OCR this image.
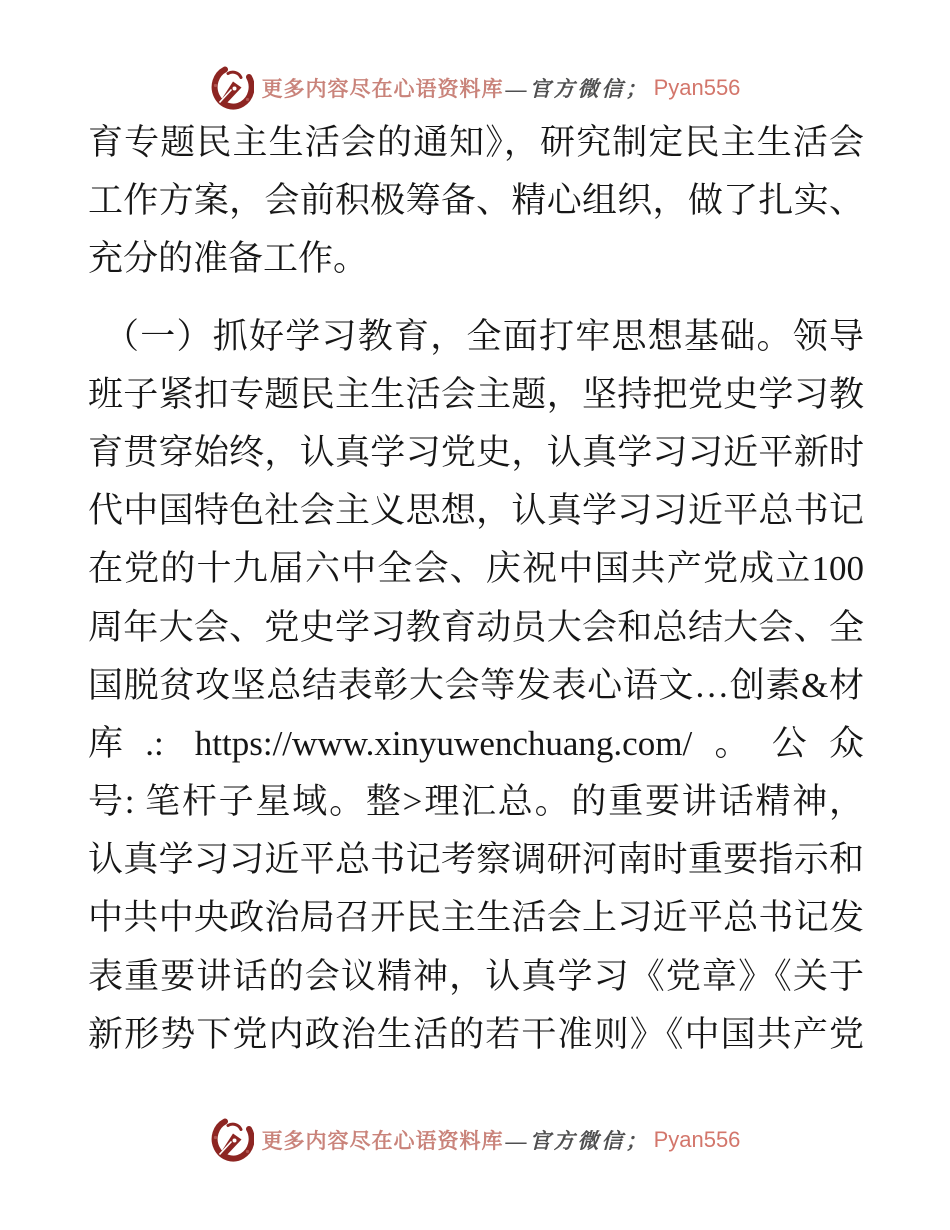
更多内容尽在心语资料库 —官方微信； Pyan556
育专题民主生活会的通知》，研究制定民主生活会
工作方案，会前积极筹备、精心组织，做了扎实、
充分的准备工作。
（一）抓好学习教育，全面打牢思想基础。领导
班子紧扣专题民主生活会主题，坚持把党史学习教
育贯穿始终，认真学习党史，认真学习习近平新时
代中国特色社会主义思想，认真学习习近平总书记
在党的十九届六中全会、庆祝中国共产党成立100
周年大会、党史学习教育动员大会和总结大会、全
国脱贫攻坚总结表彰大会等发表心语文…创素&材
库.: https://www.xinyuwenchuang.com/。公众
号: 笔杆子星域。整>理汇总。的重要讲话精神，
认真学习习近平总书记考察调研河南时重要指示和
中共中央政治局召开民主生活会上习近平总书记发
表重要讲话的会议精神，认真学习《党章》《关于
新形势下党内政治生活的若干准则》《中国共产党
更多内容尽在心语资料库 —官方微信； Pyan556
